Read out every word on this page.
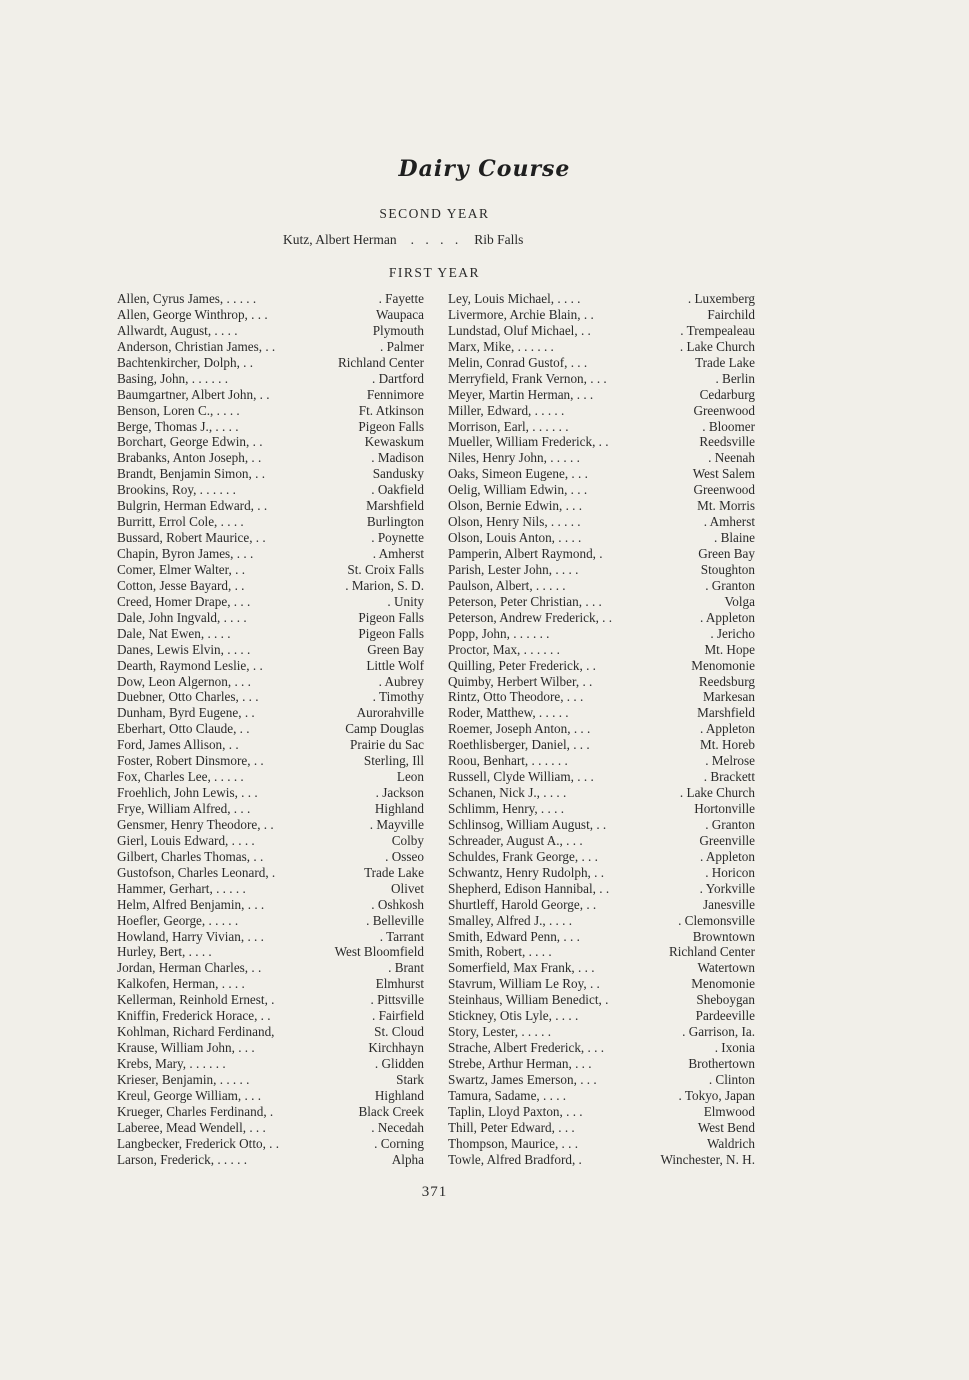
Dairy Course
SECOND YEAR
Kutz, Albert Herman . . . . Rib Falls
FIRST YEAR
Allen, Cyrus James, . . . . .	. Fayette
Allen, George Winthrop, . . .	Waupaca
Allwardt, August, . . . .	Plymouth
Anderson, Christian James, . .	. Palmer
Bachtenkircher, Dolph, . .	Richland Center
Basing, John, . . . . . .	. Dartford
Baumgartner, Albert John, . .	Fennimore
Benson, Loren C., . . . .	Ft. Atkinson
Berge, Thomas J., . . . .	Pigeon Falls
Borchart, George Edwin, . .	Kewaskum
Brabanks, Anton Joseph, . .	. Madison
Brandt, Benjamin Simon, . .	Sandusky
Brookins, Roy, . . . . . .	. Oakfield
Bulgrin, Herman Edward, . .	Marshfield
Burritt, Errol Cole, . . . .	Burlington
Bussard, Robert Maurice, . .	. Poynette
Chapin, Byron James, . . .	. Amherst
Comer, Elmer Walter, . .	St. Croix Falls
Cotton, Jesse Bayard, . .	. Marion, S. D.
Creed, Homer Drape, . . .	. Unity
Dale, John Ingvald, . . . .	Pigeon Falls
Dale, Nat Ewen, . . . .	Pigeon Falls
Danes, Lewis Elvin, . . . .	Green Bay
Dearth, Raymond Leslie, . .	Little Wolf
Dow, Leon Algernon, . . .	. Aubrey
Duebner, Otto Charles, . . .	. Timothy
Dunham, Byrd Eugene, . .	Aurorahville
Eberhart, Otto Claude, . .	Camp Douglas
Ford, James Allison, . .	Prairie du Sac
Foster, Robert Dinsmore, . .	Sterling, Ill
Fox, Charles Lee, . . . . .	Leon
Froehlich, John Lewis, . . .	. Jackson
Frye, William Alfred, . . .	Highland
Gensmer, Henry Theodore, . .	. Mayville
Gierl, Louis Edward, . . . .	Colby
Gilbert, Charles Thomas, . .	. Osseo
Gustofson, Charles Leonard, .	Trade Lake
Hammer, Gerhart, . . . . .	Olivet
Helm, Alfred Benjamin, . . .	. Oshkosh
Hoefler, George, . . . . .	. Belleville
Howland, Harry Vivian, . . .	. Tarrant
Hurley, Bert, . . . .	West Bloomfield
Jordan, Herman Charles, . .	. Brant
Kalkofen, Herman, . . . .	Elmhurst
Kellerman, Reinhold Ernest, .	. Pittsville
Kniffin, Frederick Horace, . .	. Fairfield
Kohlman, Richard Ferdinand,	St. Cloud
Krause, William John, . . .	Kirchhayn
Krebs, Mary, . . . . . .	. Glidden
Krieser, Benjamin, . . . . .	Stark
Kreul, George William, . . .	Highland
Krueger, Charles Ferdinand, .	Black Creek
Laberee, Mead Wendell, . . .	. Necedah
Langbecker, Frederick Otto, . .	. Corning
Larson, Frederick, . . . . .	Alpha
Ley, Louis Michael, . . . .	. Luxemberg
Livermore, Archie Blain, . .	Fairchild
Lundstad, Oluf Michael, . .	. Trempealeau
Marx, Mike, . . . . . .	. Lake Church
Melin, Conrad Gustof, . . .	Trade Lake
Merryfield, Frank Vernon, . . .	. Berlin
Meyer, Martin Herman, . . .	Cedarburg
Miller, Edward, . . . . .	Greenwood
Morrison, Earl, . . . . . .	. Bloomer
Mueller, William Frederick, . .	Reedsville
Niles, Henry John, . . . . .	. Neenah
Oaks, Simeon Eugene, . . .	West Salem
Oelig, William Edwin, . . .	Greenwood
Olson, Bernie Edwin, . . .	Mt. Morris
Olson, Henry Nils, . . . . .	. Amherst
Olson, Louis Anton, . . . .	. Blaine
Pamperin, Albert Raymond, .	Green Bay
Parish, Lester John, . . . .	Stoughton
Paulson, Albert, . . . . .	. Granton
Peterson, Peter Christian, . . .	Volga
Peterson, Andrew Frederick, . .	. Appleton
Popp, John, . . . . . .	. Jericho
Proctor, Max, . . . . . .	Mt. Hope
Quilling, Peter Frederick, . .	Menomonie
Quimby, Herbert Wilber, . .	Reedsburg
Rintz, Otto Theodore, . . .	Markesan
Roder, Matthew, . . . . .	Marshfield
Roemer, Joseph Anton, . . .	. Appleton
Roethlisberger, Daniel, . . .	Mt. Horeb
Roou, Benhart, . . . . . .	. Melrose
Russell, Clyde William, . . .	. Brackett
Schanen, Nick J., . . . .	. Lake Church
Schlimm, Henry, . . . .	Hortonville
Schlinsog, William August, . .	. Granton
Schreader, August A., . . .	Greenville
Schuldes, Frank George, . . .	. Appleton
Schwantz, Henry Rudolph, . .	. Horicon
Shepherd, Edison Hannibal, . .	. Yorkville
Shurtleff, Harold George, . .	Janesville
Smalley, Alfred J., . . . .	. Clemonsville
Smith, Edward Penn, . . .	Browntown
Smith, Robert, . . . .	Richland Center
Somerfield, Max Frank, . . .	Watertown
Stavrum, William Le Roy, . .	Menomonie
Steinhaus, William Benedict, .	Sheboygan
Stickney, Otis Lyle, . . . .	Pardeeville
Story, Lester, . . . . .	. Garrison, Ia.
Strache, Albert Frederick, . . .	. Ixonia
Strebe, Arthur Herman, . . .	Brothertown
Swartz, James Emerson, . . .	. Clinton
Tamura, Sadame, . . . .	. Tokyo, Japan
Taplin, Lloyd Paxton, . . .	Elmwood
Thill, Peter Edward, . . .	West Bend
Thompson, Maurice, . . .	Waldrich
Towle, Alfred Bradford, .	Winchester, N. H.
371
